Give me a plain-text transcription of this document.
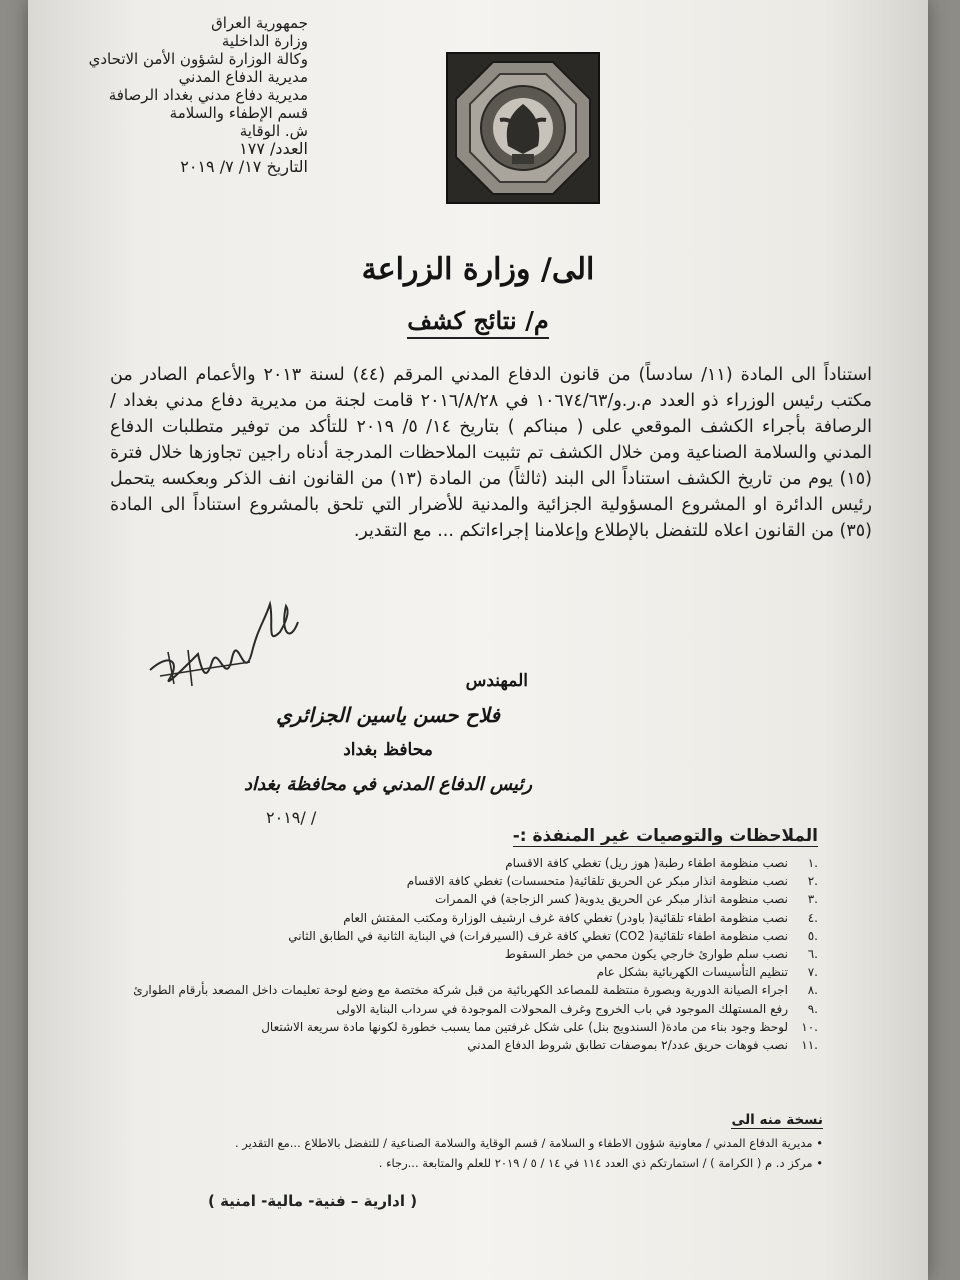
جمهورية العراق
وزارة الداخلية
وكالة الوزارة لشؤون الأمن الاتحادي
مديرية الدفاع المدني
مديرية دفاع مدني بغداد الرصافة
قسم الإطفاء والسلامة
ش. الوقاية
العدد/ ١٧٧
التاريخ ١٧/ ٧/ ٢٠١٩
الى/ وزارة الزراعة
م/ نتائج كشف

استناداً الى المادة (١١/ سادساً) من قانون الدفاع المدني المرقم (٤٤) لسنة ٢٠١٣ والأعمام الصادر من مكتب رئيس الوزراء ذو العدد م.ر.و/١٠٦٧٤/٦٣ في ٢٠١٦/٨/٢٨ قامت لجنة من مديرية دفاع مدني بغداد / الرصافة بأجراء الكشف الموقعي على ( مبناكم ) بتاريخ ١٤/ ٥/ ٢٠١٩ للتأكد من توفير متطلبات الدفاع المدني والسلامة الصناعية ومن خلال الكشف تم تثبيت الملاحظات المدرجة أدناه راجين تجاوزها خلال فترة (١٥) يوم من تاريخ الكشف استناداً الى البند (ثالثاً) من المادة (١٣) من القانون انف الذكر وبعكسه يتحمل رئيس الدائرة او المشروع المسؤولية الجزائية والمدنية للأضرار التي تلحق بالمشروع استناداً الى المادة (٣٥) من القانون اعلاه للتفضل بالإطلاع وإعلامنا إجراءاتكم ... مع التقدير.

المهندس
فلاح حسن ياسين الجزائري
محافظ بغداد
رئيس الدفاع المدني في محافظة بغداد
/ /٢٠١٩
الملاحظات والتوصيات غير المنفذة :-
.١نصب منظومة اطفاء رطبة( هوز ريل) تغطي كافة الاقسام
.٢نصب منظومة انذار مبكر عن الحريق تلقائية( متحسسات) تغطي كافة الاقسام
.٣نصب منظومة انذار مبكر عن الحريق يدوية( كسر الزجاجة) في الممرات
.٤نصب منظومة اطفاء تلقائية( باودر) تغطي كافة غرف ارشيف الوزارة ومكتب المفتش العام
.٥نصب منظومة اطفاء تلقائية( CO2) تغطي كافة غرف (السيرفرات) في البناية الثانية في الطابق الثاني
.٦نصب سلم طوارئ خارجي يكون محمي من خطر السقوط
.٧تنظيم التأسيسات الكهربائية بشكل عام
.٨اجراء الصيانة الدورية وبصورة منتظمة للمصاعد الكهربائية من قبل شركة مختصة مع وضع لوحة تعليمات داخل المصعد بأرقام الطوارئ
.٩رفع المستهلك الموجود في باب الخروج وغرف المحولات الموجودة في سرداب البناية الاولى
.١٠لوحظ وجود بناء من مادة( السندويج بنل) على شكل غرفتين مما يسبب خطورة لكونها مادة سريعة الاشتعال
.١١نصب فوهات حريق عدد/٢ بموصفات تطابق شروط الدفاع المدني
نسخة منه الى
• مديرية الدفاع المدني / معاونية شؤون الاطفاء و السلامة / قسم الوقاية والسلامة الصناعية / للتفضل بالاطلاع ...مع التقدير .
• مركز د. م ( الكرامة ) / استمارتكم ذي العدد ١١٤ في ١٤ / ٥ / ٢٠١٩ للعلم والمتابعة ...رجاء .
( ادارية – فنية- مالية- امنية )
